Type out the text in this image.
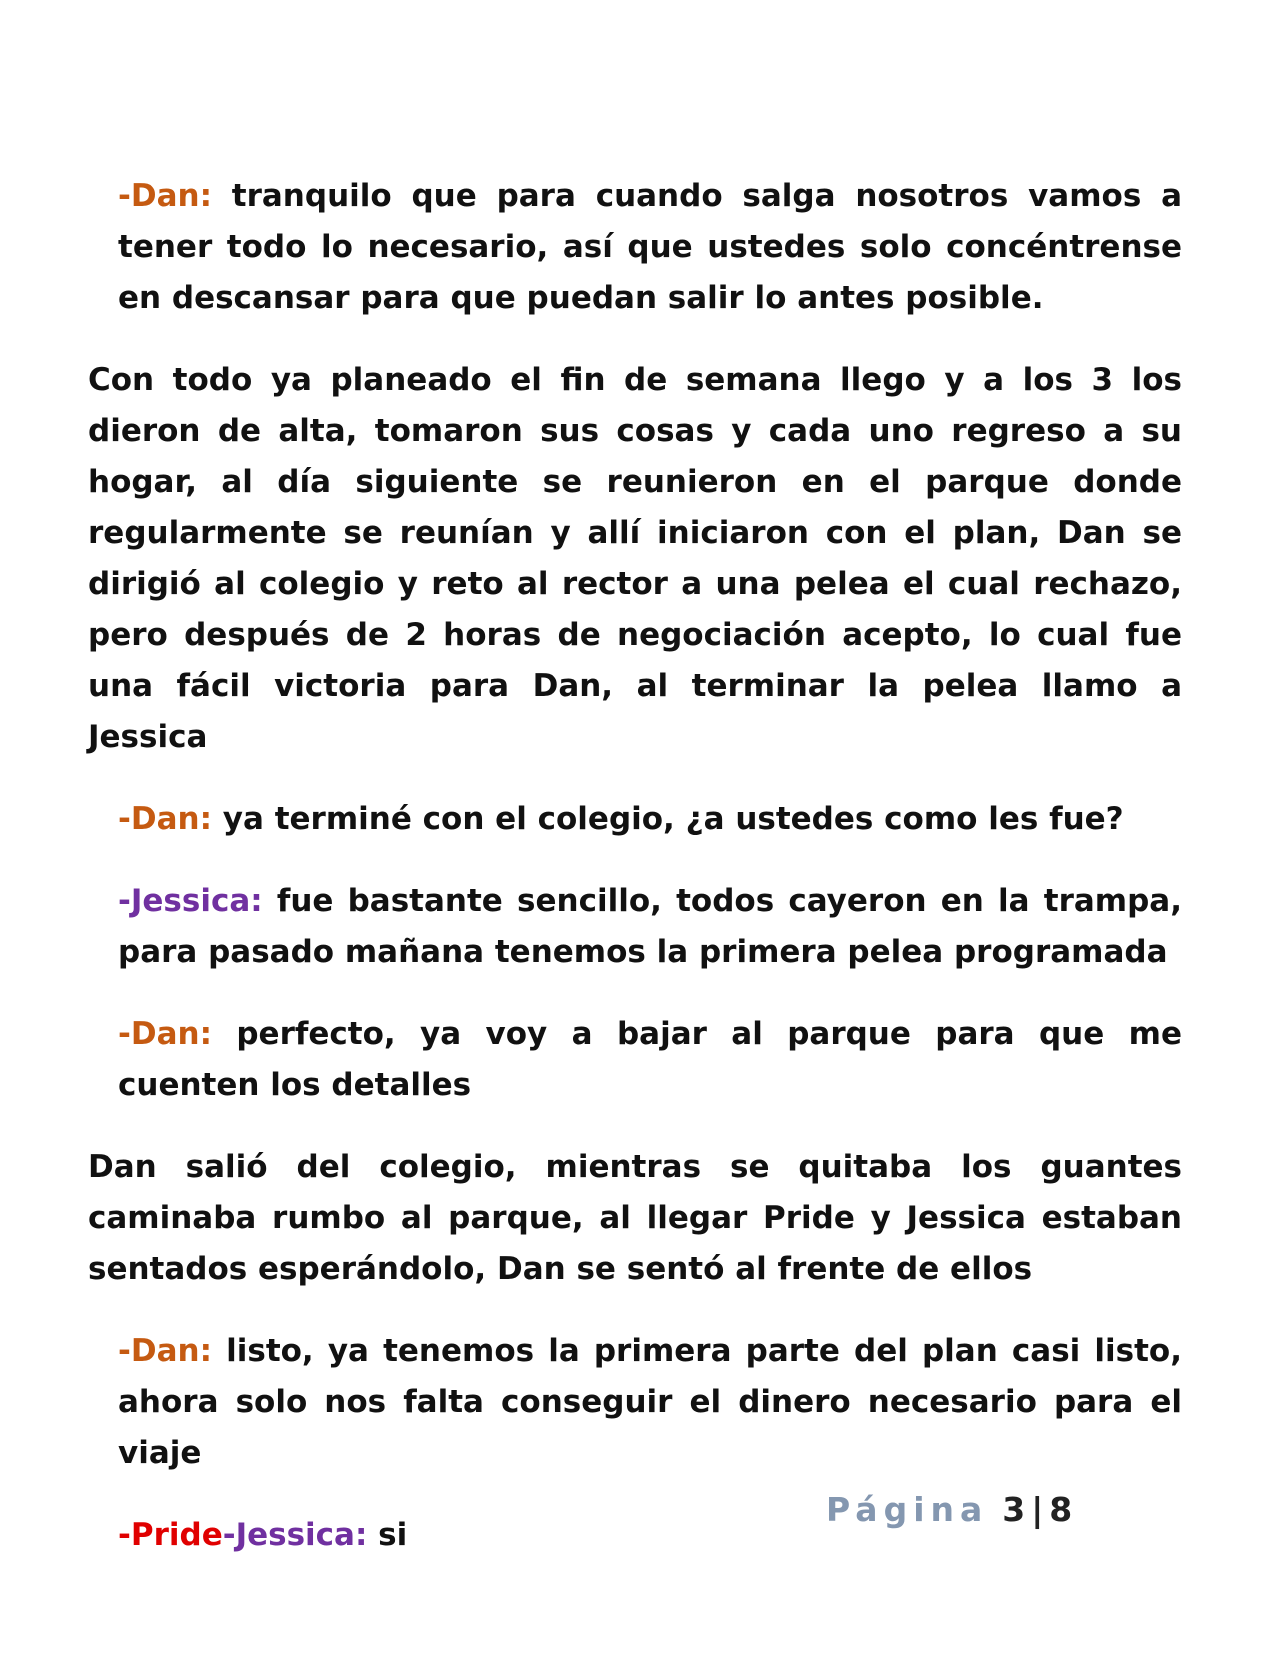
-Dan: tranquilo que para cuando salga nosotros vamos a tener todo lo necesario, así que ustedes solo concéntrense en descansar para que puedan salir lo antes posible.

Con todo ya planeado el fin de semana llego y a los 3 los dieron de alta, tomaron sus cosas y cada uno regreso a su hogar, al día siguiente se reunieron en el parque donde regularmente se reunían y allí iniciaron con el plan, Dan se dirigió al colegio y reto al rector a una pelea el cual rechazo, pero después de 2 horas de negociación acepto, lo cual fue una fácil victoria para Dan, al terminar la pelea llamo a Jessica

-Dan: ya terminé con el colegio, ¿a ustedes como les fue?

-Jessica: fue bastante sencillo, todos cayeron en la trampa, para pasado mañana tenemos la primera pelea programada

-Dan: perfecto, ya voy a bajar al parque para que me cuenten los detalles

Dan salió del colegio, mientras se quitaba los guantes caminaba rumbo al parque, al llegar Pride y Jessica estaban sentados esperándolo, Dan se sentó al frente de ellos

-Dan: listo, ya tenemos la primera parte del plan casi listo, ahora solo nos falta conseguir el dinero necesario para el viaje

-Pride-Jessica: si

Página 3 | 8
